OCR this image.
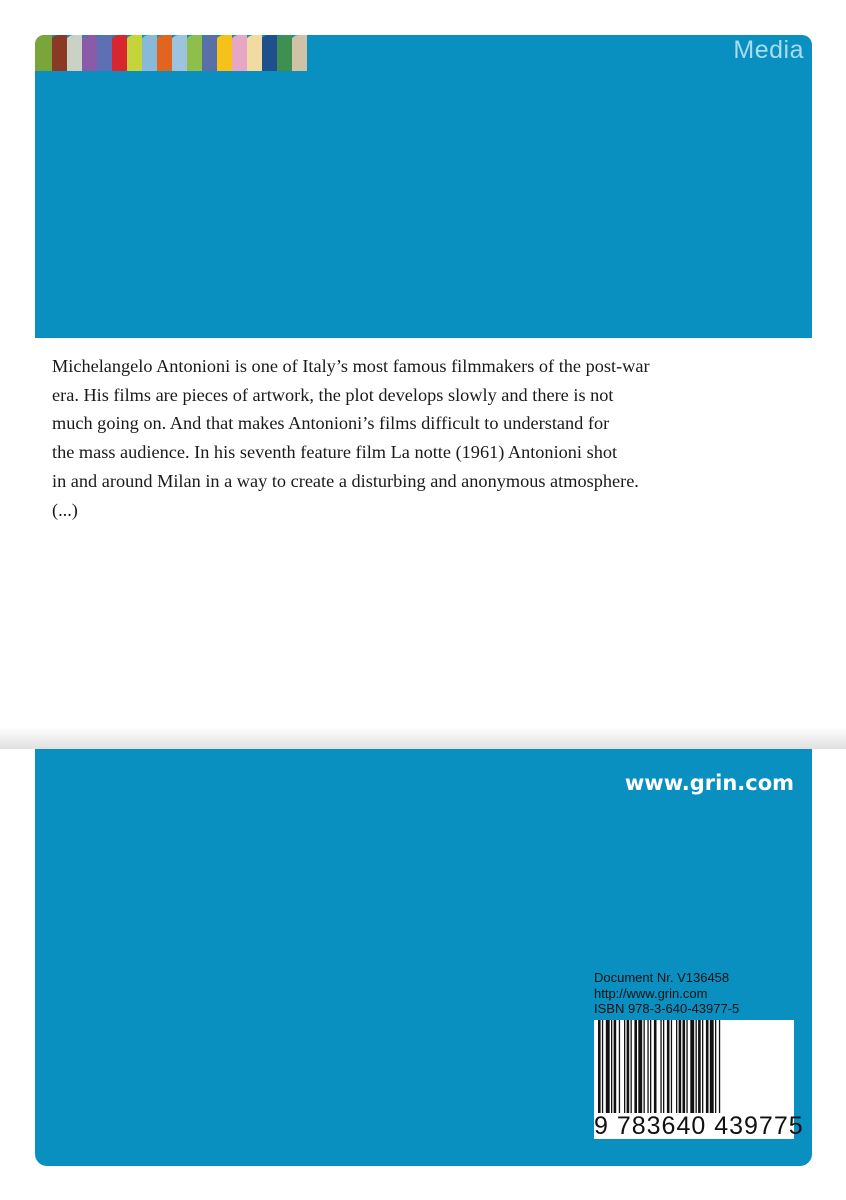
Media

Michelangelo Antonioni is one of Italy’s most famous filmmakers of the post-war

era. His films are pieces of artwork, the plot develops slowly and there is not

much going on. And that makes Antonioni’s films difficult to understand for

the mass audience. In his seventh feature film La notte (1961) Antonioni shot

in and around Milan in a way to create a disturbing and anonymous atmosphere.

(...)

www.grin.com
Document Nr. V136458
http://www.grin.com
ISBN 978-3-640-43977-5
9 783640 439775
